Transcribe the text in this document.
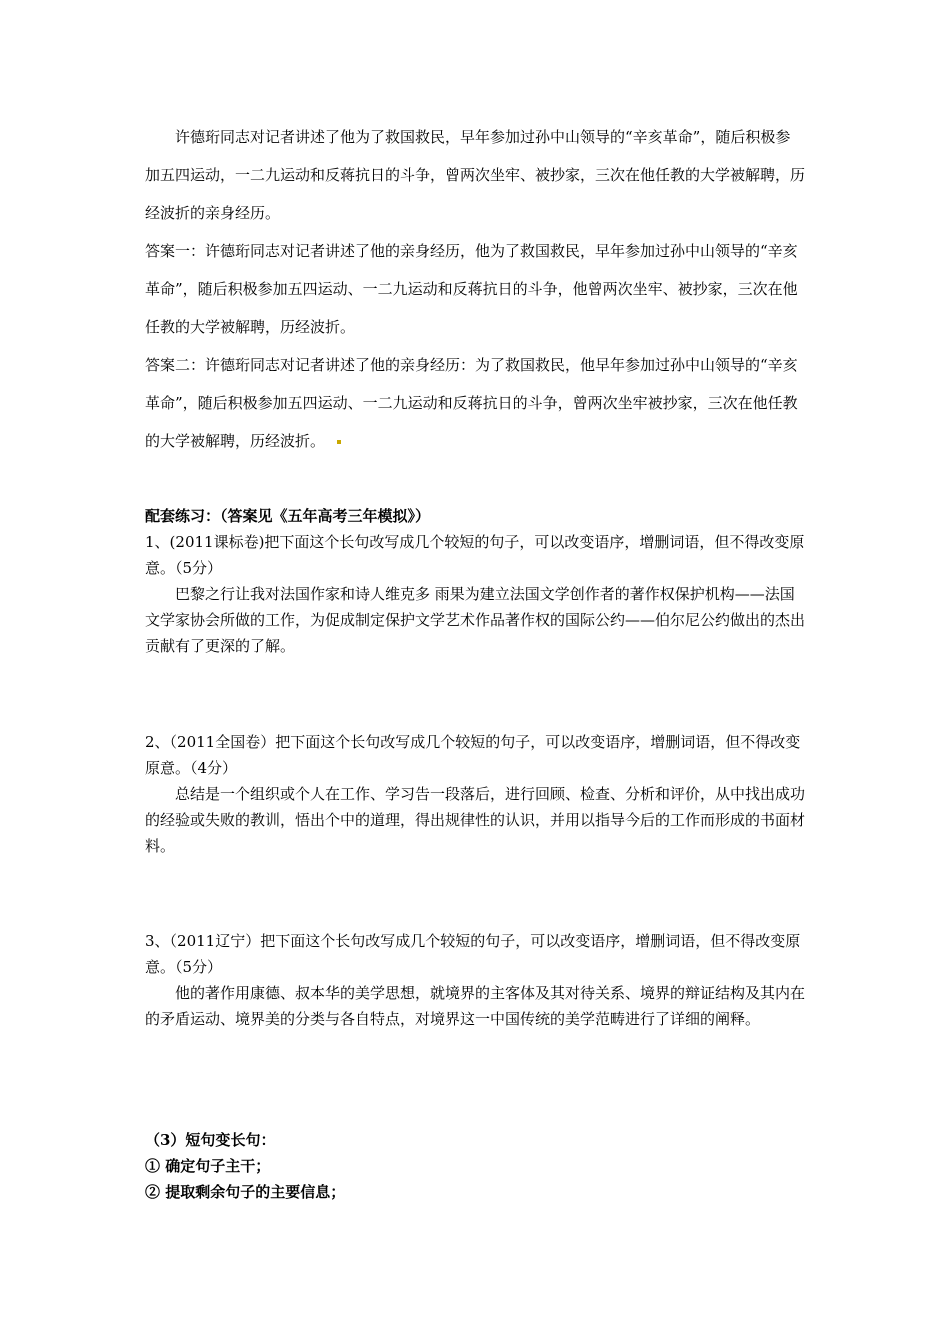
许德珩同志对记者讲述了他为了救国救民，早年参加过孙中山领导的“辛亥革命”，随后积极参加五四运动，一二九运动和反蒋抗日的斗争，曾两次坐牢、被抄家，三次在他任教的大学被解聘，历经波折的亲身经历。

答案一：许德珩同志对记者讲述了他的亲身经历，他为了救国救民，早年参加过孙中山领导的“辛亥革命”，随后积极参加五四运动、一二九运动和反蒋抗日的斗争，他曾两次坐牢、被抄家，三次在他任教的大学被解聘，历经波折。

答案二：许德珩同志对记者讲述了他的亲身经历：为了救国救民，他早年参加过孙中山领导的“辛亥革命”，随后积极参加五四运动、一二九运动和反蒋抗日的斗争，曾两次坐牢被抄家，三次在他任教的大学被解聘，历经波折。

配套练习：（答案见《五年高考三年模拟》）

1、(2011课标卷)把下面这个长句改写成几个较短的句子，可以改变语序，增删词语，但不得改变原意。（5分）

巴黎之行让我对法国作家和诗人维克多 雨果为建立法国文学创作者的著作权保护机构——法国文学家协会所做的工作，为促成制定保护文学艺术作品著作权的国际公约——伯尔尼公约做出的杰出贡献有了更深的了解。

2、（2011全国卷）把下面这个长句改写成几个较短的句子，可以改变语序，增删词语，但不得改变原意。（4分）

总结是一个组织或个人在工作、学习告一段落后，进行回顾、检查、分析和评价，从中找出成功的经验或失败的教训，悟出个中的道理，得出规律性的认识，并用以指导今后的工作而形成的书面材料。

3、（2011辽宁）把下面这个长句改写成几个较短的句子，可以改变语序，增删词语，但不得改变原意。（5分）

他的著作用康德、叔本华的美学思想，就境界的主客体及其对待关系、境界的辩证结构及其内在的矛盾运动、境界美的分类与各自特点，对境界这一中国传统的美学范畴进行了详细的阐释。

（3）短句变长句：

① 确定句子主干；

② 提取剩余句子的主要信息；
